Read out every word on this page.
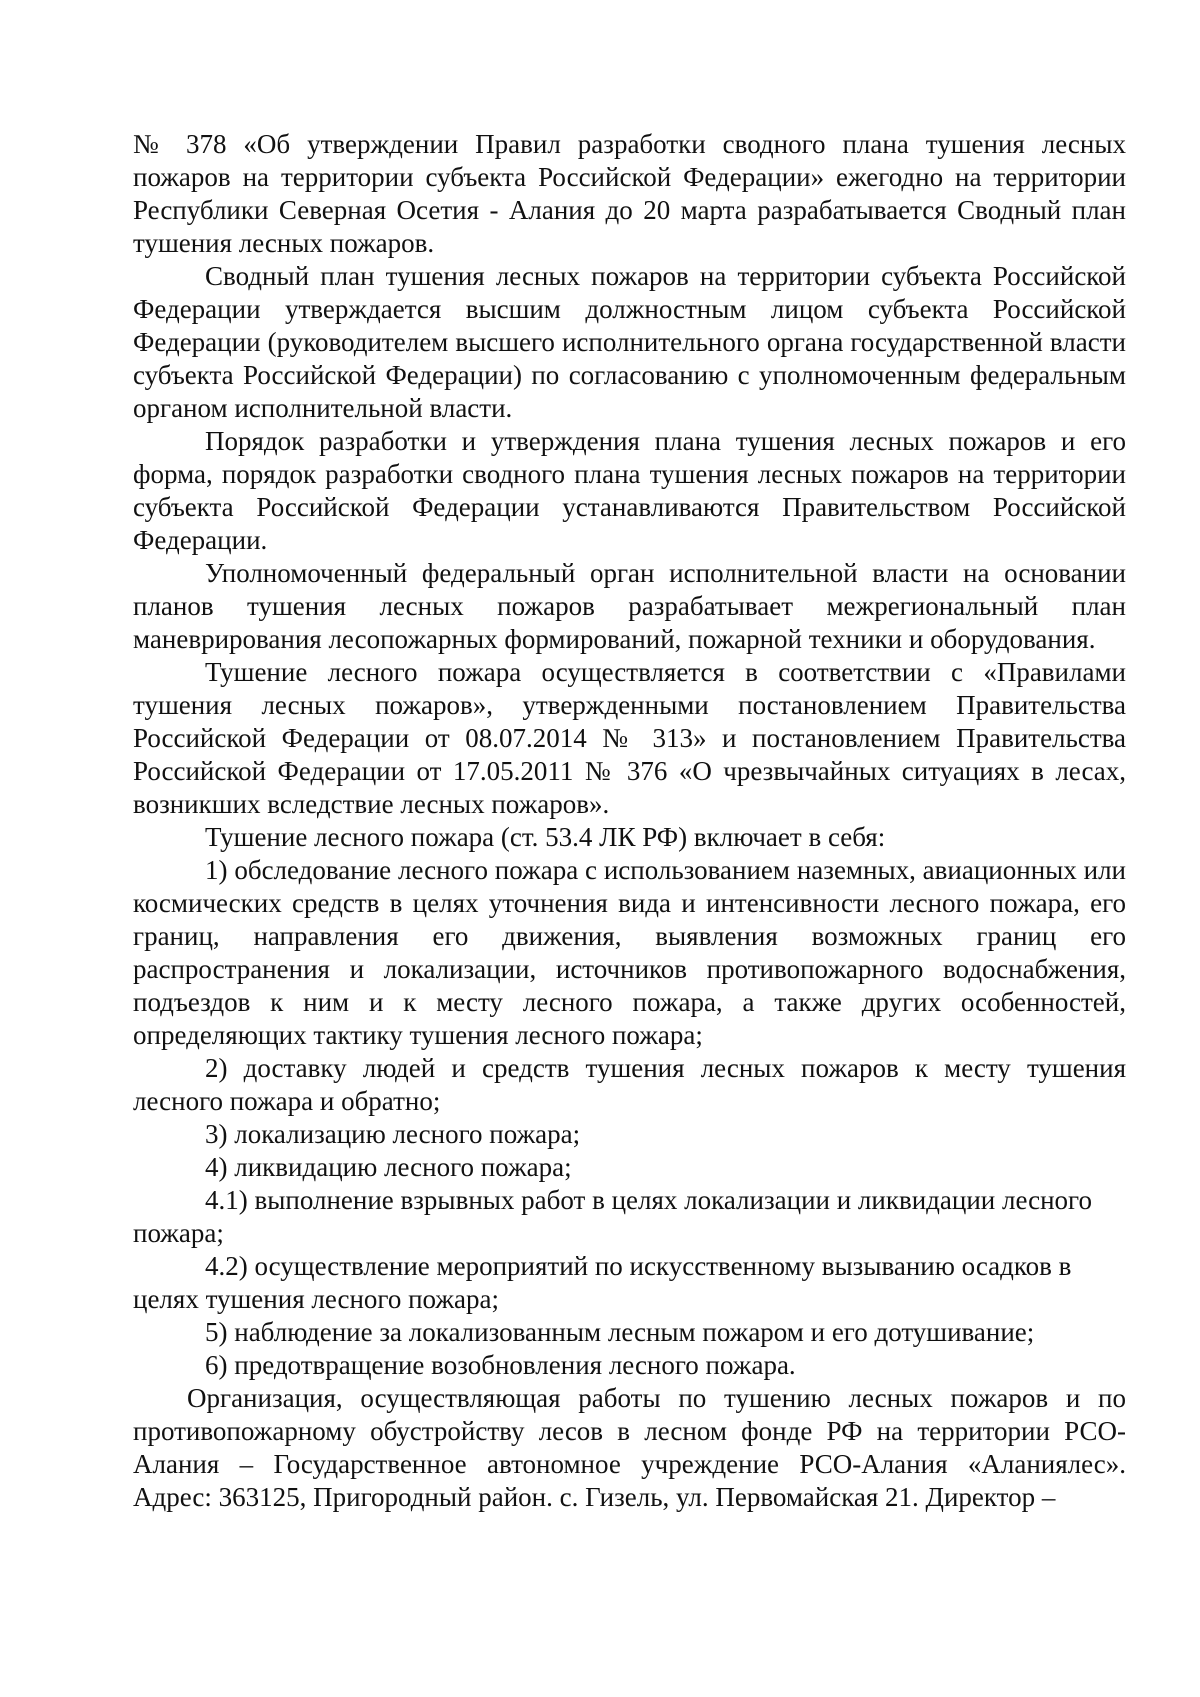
№ 378 «Об утверждении Правил разработки сводного плана тушения лесных пожаров на территории субъекта Российской Федерации» ежегодно на территории Республики Северная Осетия - Алания до 20 марта разрабатывается Сводный план тушения лесных пожаров.

Сводный план тушения лесных пожаров на территории субъекта Российской Федерации утверждается высшим должностным лицом субъекта Российской Федерации (руководителем высшего исполнительного органа государственной власти субъекта Российской Федерации) по согласованию с уполномоченным федеральным органом исполнительной власти.

Порядок разработки и утверждения плана тушения лесных пожаров и его форма, порядок разработки сводного плана тушения лесных пожаров на территории субъекта Российской Федерации устанавливаются Правительством Российской Федерации.

Уполномоченный федеральный орган исполнительной власти на основании планов тушения лесных пожаров разрабатывает межрегиональный план маневрирования лесопожарных формирований, пожарной техники и оборудования.

Тушение лесного пожара осуществляется в соответствии с «Правилами тушения лесных пожаров», утвержденными постановлением Правительства Российской Федерации от 08.07.2014 № 313» и постановлением Правительства Российской Федерации от 17.05.2011 № 376 «О чрезвычайных ситуациях в лесах, возникших вследствие лесных пожаров».

Тушение лесного пожара (ст. 53.4 ЛК РФ) включает в себя:

1) обследование лесного пожара с использованием наземных, авиационных или космических средств в целях уточнения вида и интенсивности лесного пожара, его границ, направления его движения, выявления возможных границ его распространения и локализации, источников противопожарного водоснабжения, подъездов к ним и к месту лесного пожара, а также других особенностей, определяющих тактику тушения лесного пожара;

2) доставку людей и средств тушения лесных пожаров к месту тушения лесного пожара и обратно;

3) локализацию лесного пожара;

4) ликвидацию лесного пожара;

4.1) выполнение взрывных работ в целях локализации и ликвидации лесного пожара;

4.2) осуществление мероприятий по искусственному вызыванию осадков в целях тушения лесного пожара;

5) наблюдение за локализованным лесным пожаром и его дотушивание;

6) предотвращение возобновления лесного пожара.

Организация, осуществляющая работы по тушению лесных пожаров и по противопожарному обустройству лесов в лесном фонде РФ на территории РСО-Алания – Государственное автономное учреждение РСО-Алания «Аланиялес». Адрес: 363125, Пригородный район. с. Гизель, ул. Первомайская 21. Директор –
